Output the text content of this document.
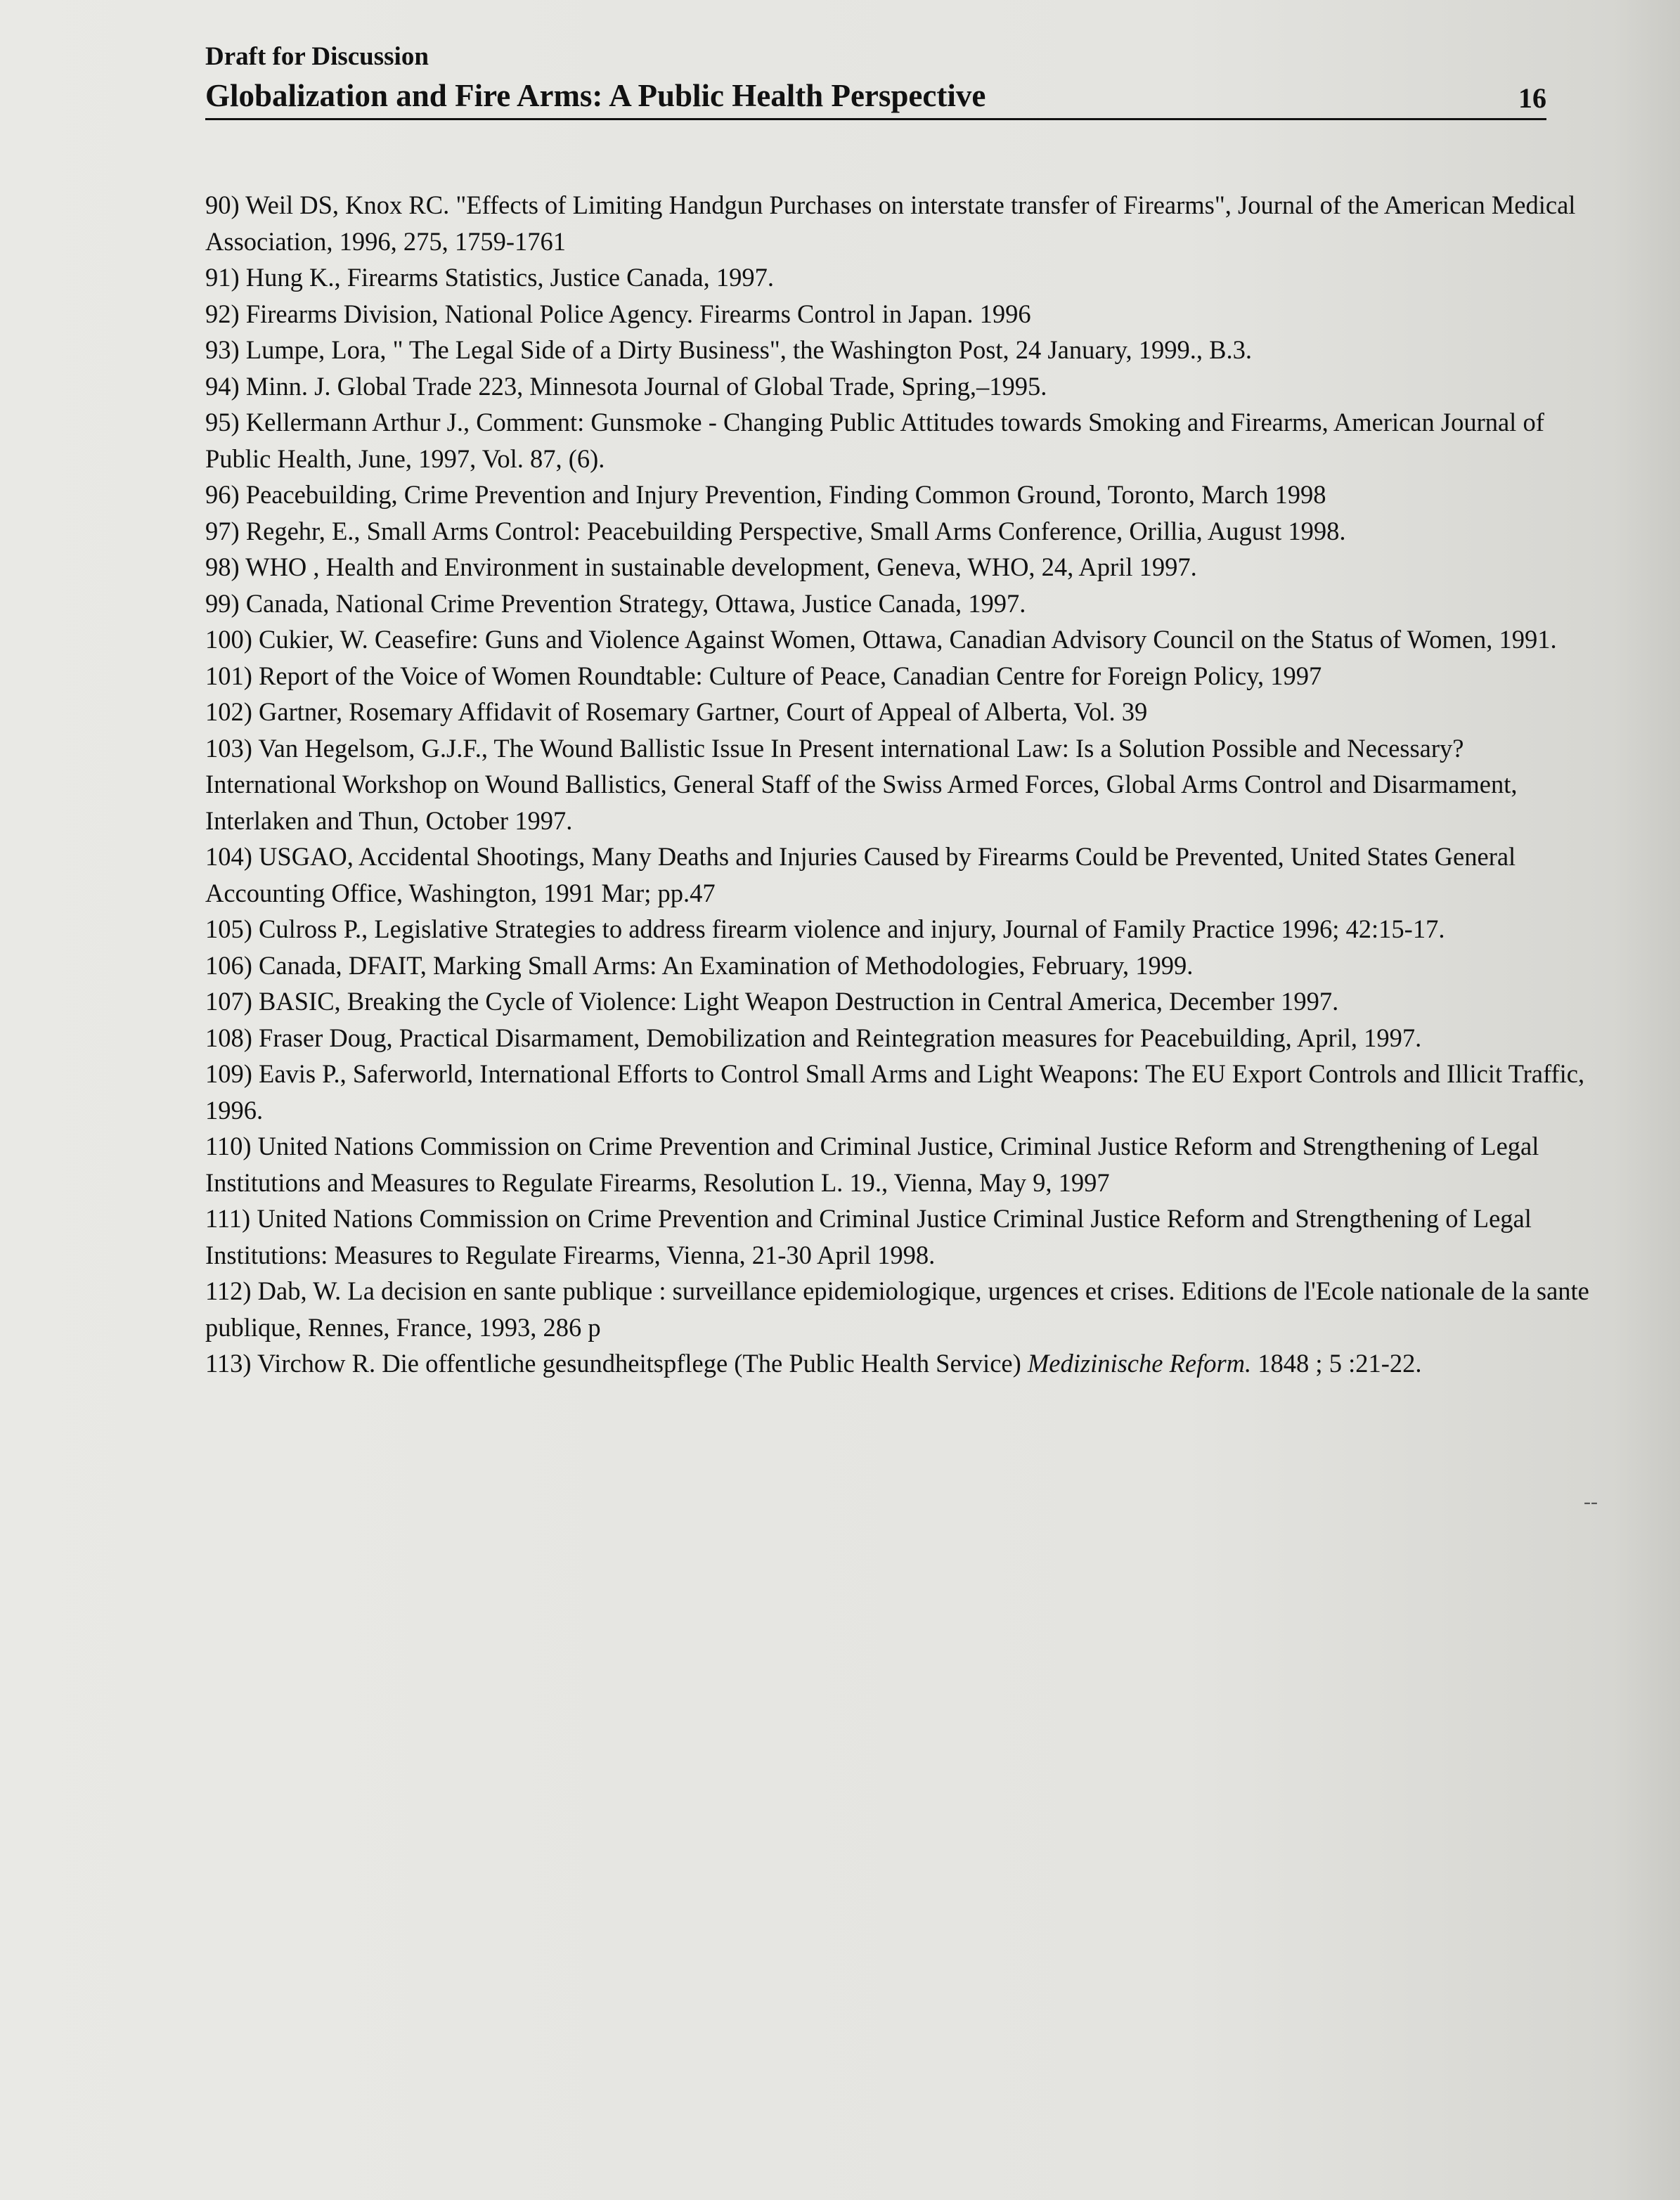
Draft for Discussion
Globalization and Fire Arms: A Public Health Perspective	16

90) Weil DS, Knox RC. "Effects of Limiting Handgun Purchases on interstate transfer of Firearms", Journal of the American Medical Association, 1996, 275, 1759-1761

91) Hung K., Firearms Statistics, Justice Canada, 1997.

92) Firearms Division, National Police Agency. Firearms Control in Japan. 1996

93) Lumpe, Lora, " The Legal Side of a Dirty Business", the Washington Post, 24 January, 1999., B.3.

94) Minn. J. Global Trade 223, Minnesota Journal of Global Trade, Spring,–1995.

95) Kellermann Arthur J., Comment: Gunsmoke - Changing Public Attitudes towards Smoking and Firearms, American Journal of Public Health, June, 1997, Vol. 87, (6).

96) Peacebuilding, Crime Prevention and Injury Prevention, Finding Common Ground, Toronto, March 1998

97) Regehr, E., Small Arms Control: Peacebuilding Perspective, Small Arms Conference, Orillia, August 1998.

98) WHO , Health and Environment in sustainable development, Geneva, WHO, 24, April 1997.

99) Canada, National Crime Prevention Strategy, Ottawa, Justice Canada, 1997.

100) Cukier, W. Ceasefire: Guns and Violence Against Women, Ottawa, Canadian Advisory Council on the Status of Women, 1991.

101) Report of the Voice of Women Roundtable: Culture of Peace, Canadian Centre for Foreign Policy, 1997

102) Gartner, Rosemary Affidavit of Rosemary Gartner, Court of Appeal of Alberta, Vol. 39

103) Van Hegelsom, G.J.F., The Wound Ballistic Issue In Present international Law: Is a Solution Possible and Necessary? International Workshop on Wound Ballistics, General Staff of the Swiss Armed Forces, Global Arms Control and Disarmament, Interlaken and Thun, October 1997.

104) USGAO, Accidental Shootings, Many Deaths and Injuries Caused by Firearms Could be Prevented, United States General Accounting Office, Washington, 1991 Mar; pp.47

105) Culross P., Legislative Strategies to address firearm violence and injury, Journal of Family Practice 1996; 42:15-17.

106) Canada, DFAIT, Marking Small Arms: An Examination of Methodologies, February, 1999.

107) BASIC, Breaking the Cycle of Violence: Light Weapon Destruction in Central America, December 1997.

108) Fraser Doug, Practical Disarmament, Demobilization and Reintegration measures for Peacebuilding, April, 1997.

109) Eavis P., Saferworld, International Efforts to Control Small Arms and Light Weapons: The EU Export Controls and Illicit Traffic, 1996.

110) United Nations Commission on Crime Prevention and Criminal Justice, Criminal Justice Reform and Strengthening of Legal Institutions and Measures to Regulate Firearms, Resolution L. 19., Vienna, May 9, 1997

111) United Nations Commission on Crime Prevention and Criminal Justice Criminal Justice Reform and Strengthening of Legal Institutions: Measures to Regulate Firearms, Vienna, 21-30 April 1998.

112) Dab, W. La decision en sante publique : surveillance epidemiologique, urgences et crises. Editions de l'Ecole nationale de la sante publique, Rennes, France, 1993, 286 p

113) Virchow R. Die offentliche gesundheitspflege (The Public Health Service) Medizinische Reform. 1848 ; 5 :21-22.

--
